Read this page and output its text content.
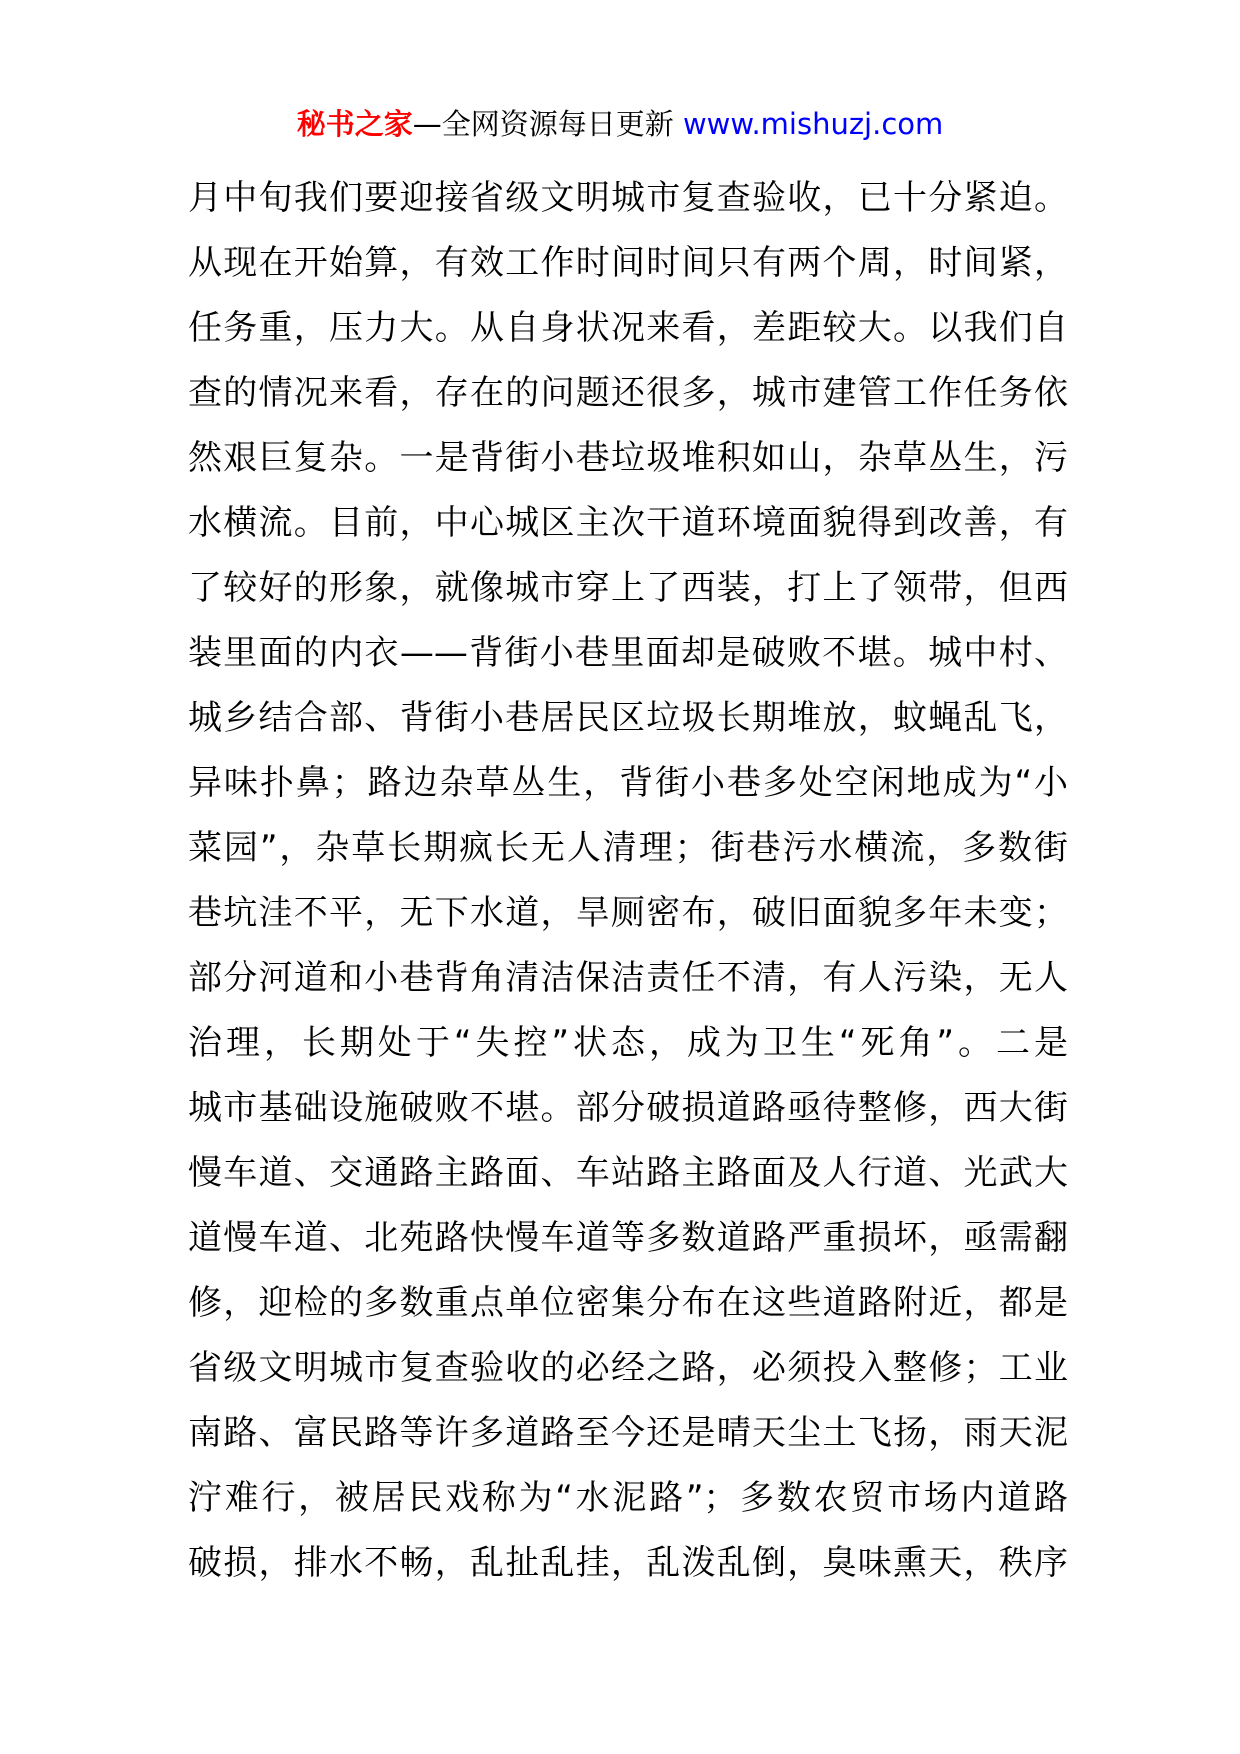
秘书之家—全网资源每日更新 www.mishuzj.com
月中旬我们要迎接省级文明城市复查验收，已十分紧迫。
从现在开始算，有效工作时间时间只有两个周，时间紧，
任务重，压力大。从自身状况来看，差距较大。以我们自
查的情况来看，存在的问题还很多，城市建管工作任务依
然艰巨复杂。一是背街小巷垃圾堆积如山，杂草丛生，污
水横流。目前，中心城区主次干道环境面貌得到改善，有
了较好的形象，就像城市穿上了西装，打上了领带，但西
装里面的内衣——背街小巷里面却是破败不堪。城中村、
城乡结合部、背街小巷居民区垃圾长期堆放，蚊蝇乱飞，
异味扑鼻；路边杂草丛生，背街小巷多处空闲地成为“小
菜园”，杂草长期疯长无人清理；街巷污水横流，多数街
巷坑洼不平，无下水道，旱厕密布，破旧面貌多年未变；
部分河道和小巷背角清洁保洁责任不清，有人污染，无人
治理，长期处于“失控”状态，成为卫生“死角”。二是
城市基础设施破败不堪。部分破损道路亟待整修，西大街
慢车道、交通路主路面、车站路主路面及人行道、光武大
道慢车道、北苑路快慢车道等多数道路严重损坏，亟需翻
修，迎检的多数重点单位密集分布在这些道路附近，都是
省级文明城市复查验收的必经之路，必须投入整修；工业
南路、富民路等许多道路至今还是晴天尘土飞扬，雨天泥
泞难行，被居民戏称为“水泥路”；多数农贸市场内道路
破损，排水不畅，乱扯乱挂，乱泼乱倒，臭味熏天，秩序
